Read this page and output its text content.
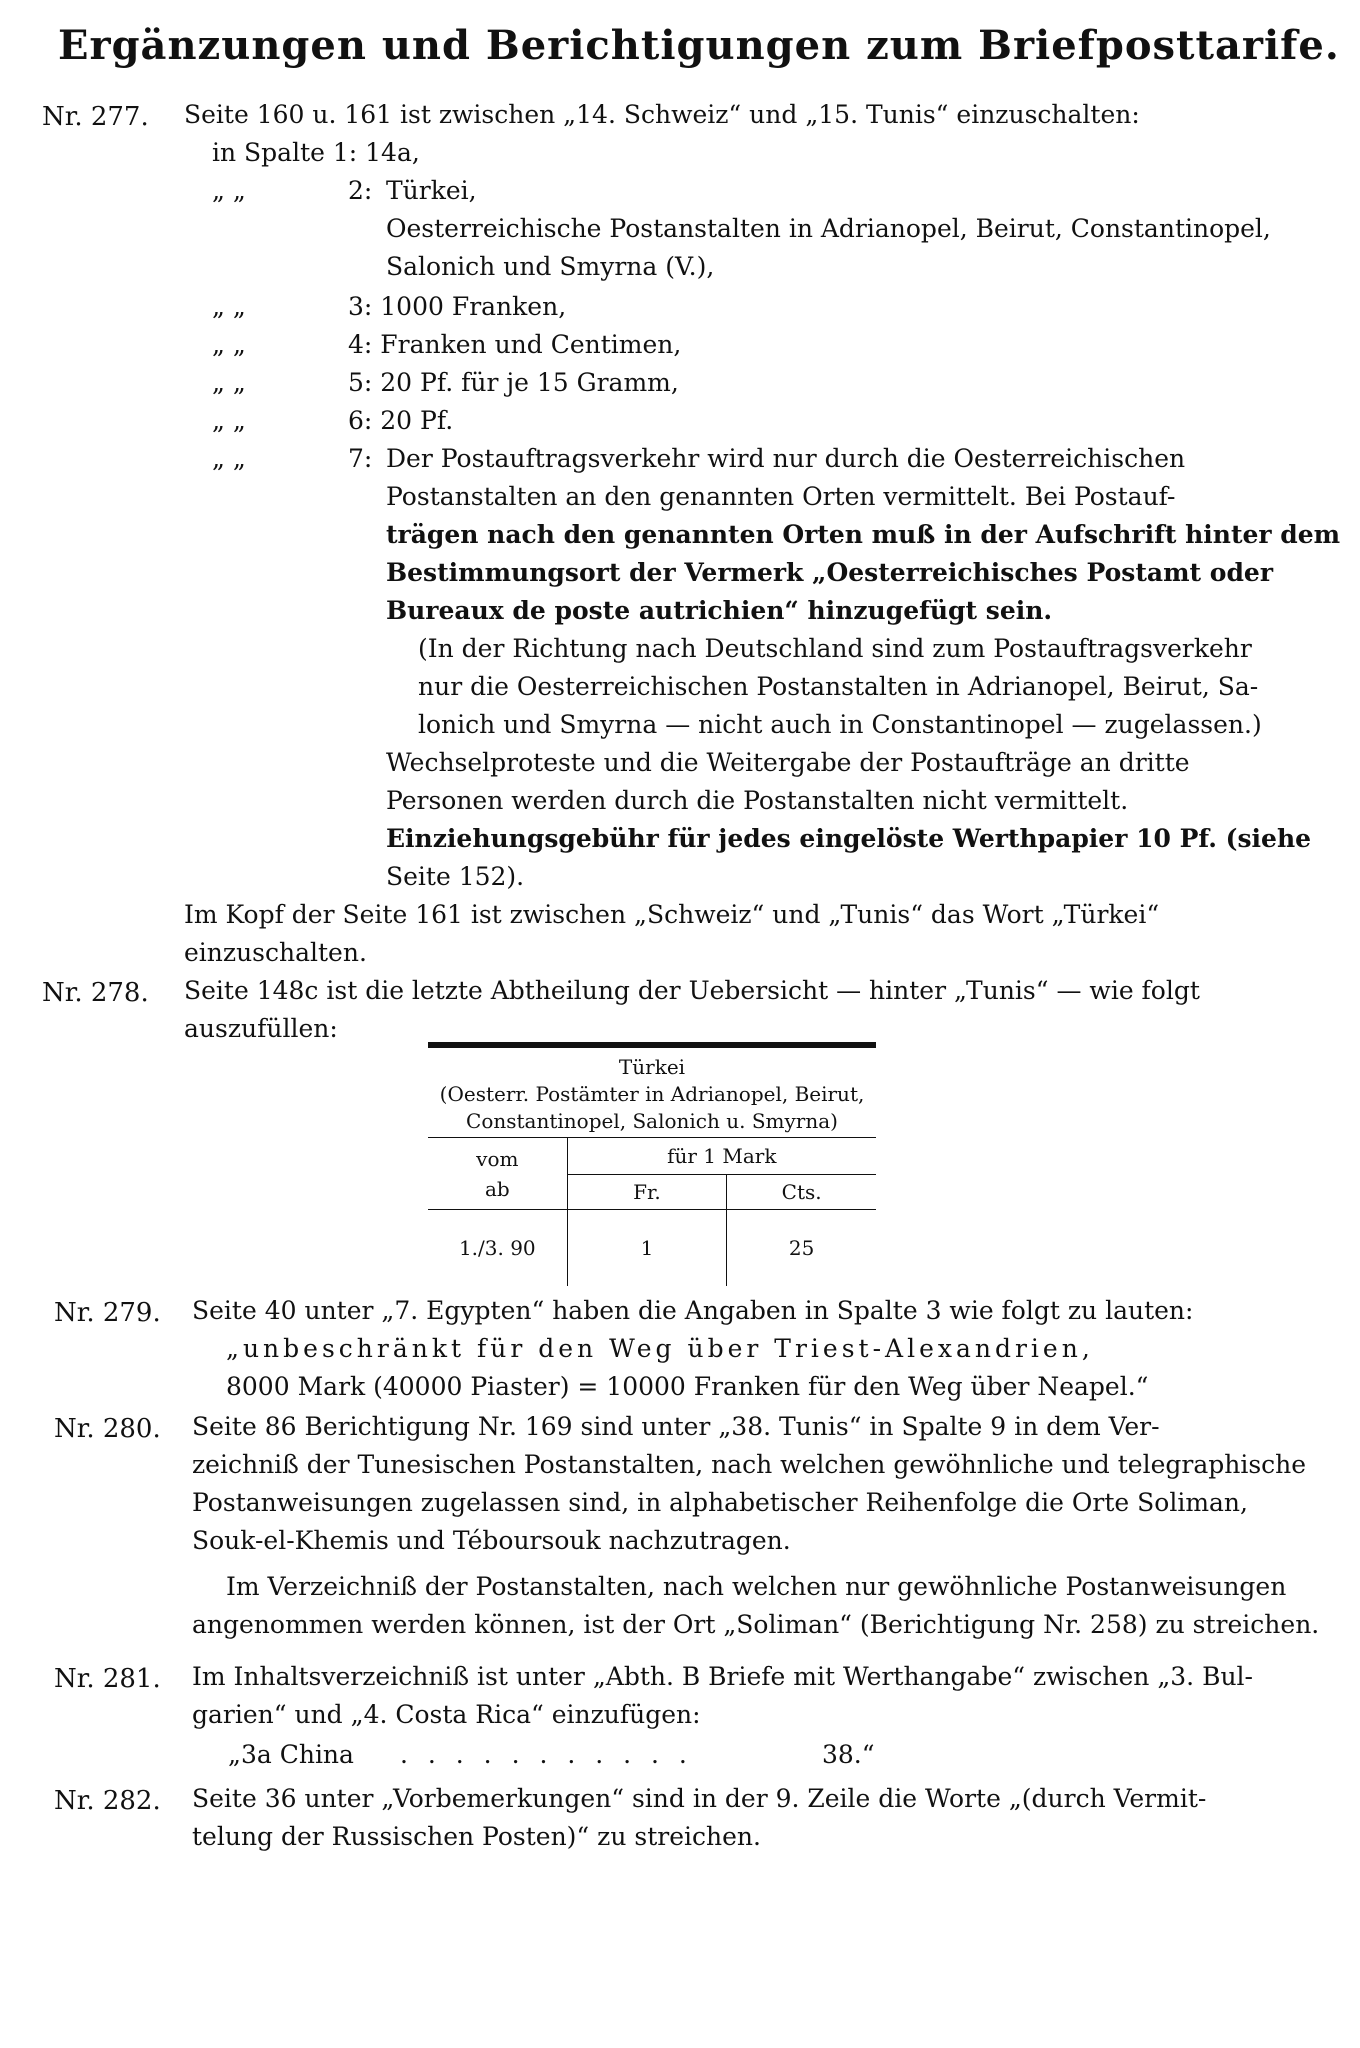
Ergänzungen und Berichtigungen zum Briefposttarife.
Nr. 277. Seite 160 u. 161 ist zwischen „14. Schweiz“ und „15. Tunis“ einzuschalten:
in Spalte 1: 14a,
„ „	2: Türkei,
Oesterreichische Postanstalten in Adrianopel, Beirut, Constantinopel,
Salonich und Smyrna (V.),
„ „	3: 1000 Franken,
„ „	4: Franken und Centimen,
„ „	5: 20 Pf. für je 15 Gramm,
„ „	6: 20 Pf.
„ „	7: Der Postauftragsverkehr wird nur durch die Oesterreichischen
Postanstalten an den genannten Orten vermittelt. Bei Postauf-
trägen nach den genannten Orten muß in der Aufschrift hinter dem
Bestimmungsort der Vermerk „Oesterreichisches Postamt oder
Bureaux de poste autrichien“ hinzugefügt sein.
(In der Richtung nach Deutschland sind zum Postauftragsverkehr
nur die Oesterreichischen Postanstalten in Adrianopel, Beirut, Sa-
lonich und Smyrna — nicht auch in Constantinopel — zugelassen.)
Wechselproteste und die Weitergabe der Postaufträge an dritte
Personen werden durch die Postanstalten nicht vermittelt.
Einziehungsgebühr für jedes eingelöste Werthpapier 10 Pf. (siehe
Seite 152).
Im Kopf der Seite 161 ist zwischen „Schweiz“ und „Tunis“ das Wort „Türkei“
einzuschalten.
Nr. 278. Seite 148c ist die letzte Abtheilung der Uebersicht — hinter „Tunis“ — wie folgt
auszufüllen:
Türkei
(Oesterr. Postämter in Adrianopel, Beirut,
Constantinopel, Salonich u. Smyrna)		

vom
ab	für 1 Mark	
	Fr.	Cts.
1./3. 90	1	25
Nr. 279. Seite 40 unter „7. Egypten“ haben die Angaben in Spalte 3 wie folgt zu lauten:
„unbeschränkt für den Weg über Triest-Alexandrien,
8000 Mark (40000 Piaster) = 10000 Franken für den Weg über Neapel.“
Nr. 280. Seite 86 Berichtigung Nr. 169 sind unter „38. Tunis“ in Spalte 9 in dem Ver-
zeichniß der Tunesischen Postanstalten, nach welchen gewöhnliche und telegraphische
Postanweisungen zugelassen sind, in alphabetischer Reihenfolge die Orte Soliman,
Souk-el-Khemis und Téboursouk nachzutragen.
Im Verzeichniß der Postanstalten, nach welchen nur gewöhnliche Postanweisungen
angenommen werden können, ist der Ort „Soliman“ (Berichtigung Nr. 258) zu streichen.
Nr. 281. Im Inhaltsverzeichniß ist unter „Abth. B Briefe mit Werthangabe“ zwischen „3. Bul-
garien“ und „4. Costa Rica“ einzufügen:
„3a China . . . . . . . . . . .	38.“
Nr. 282. Seite 36 unter „Vorbemerkungen“ sind in der 9. Zeile die Worte „(durch Vermit-
telung der Russischen Posten)“ zu streichen.
